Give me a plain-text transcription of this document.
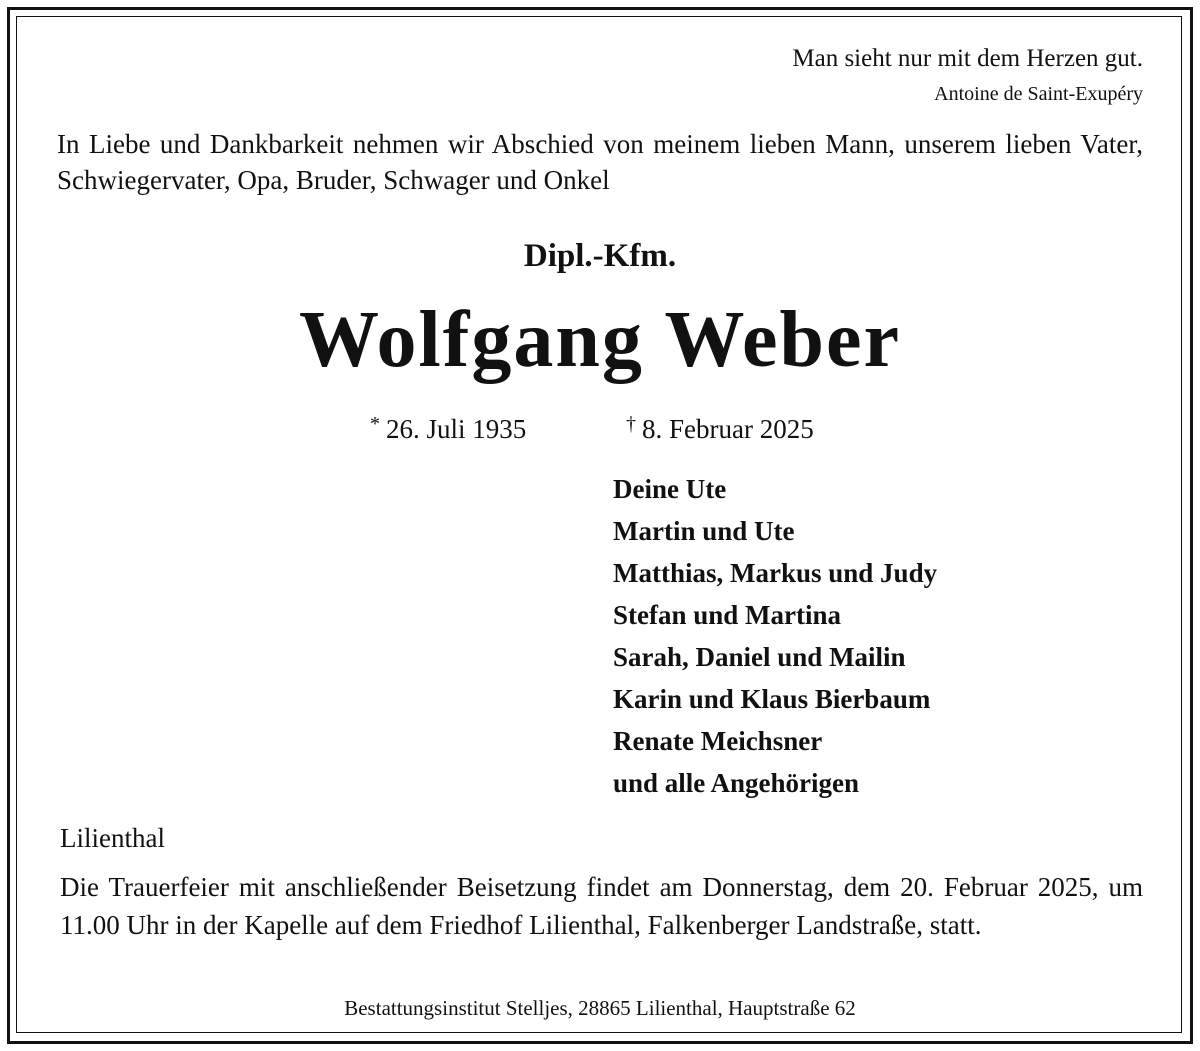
Man sieht nur mit dem Herzen gut.
Antoine de Saint-Exupéry
In Liebe und Dankbarkeit nehmen wir Abschied von meinem lieben Mann, unserem lieben Vater, Schwiegervater, Opa, Bruder, Schwager und Onkel
Dipl.-Kfm.
Wolfgang Weber
* 26. Juli 1935	† 8. Februar 2025
Deine Ute
Martin und Ute
Matthias, Markus und Judy
Stefan und Martina
Sarah, Daniel und Mailin
Karin und Klaus Bierbaum
Renate Meichsner
und alle Angehörigen
Lilienthal
Die Trauerfeier mit anschließender Beisetzung findet am Donnerstag, dem 20. Februar 2025, um 11.00 Uhr in der Kapelle auf dem Friedhof Lilienthal, Falkenberger Landstraße, statt.
Bestattungsinstitut Stelljes, 28865 Lilienthal, Hauptstraße 62
